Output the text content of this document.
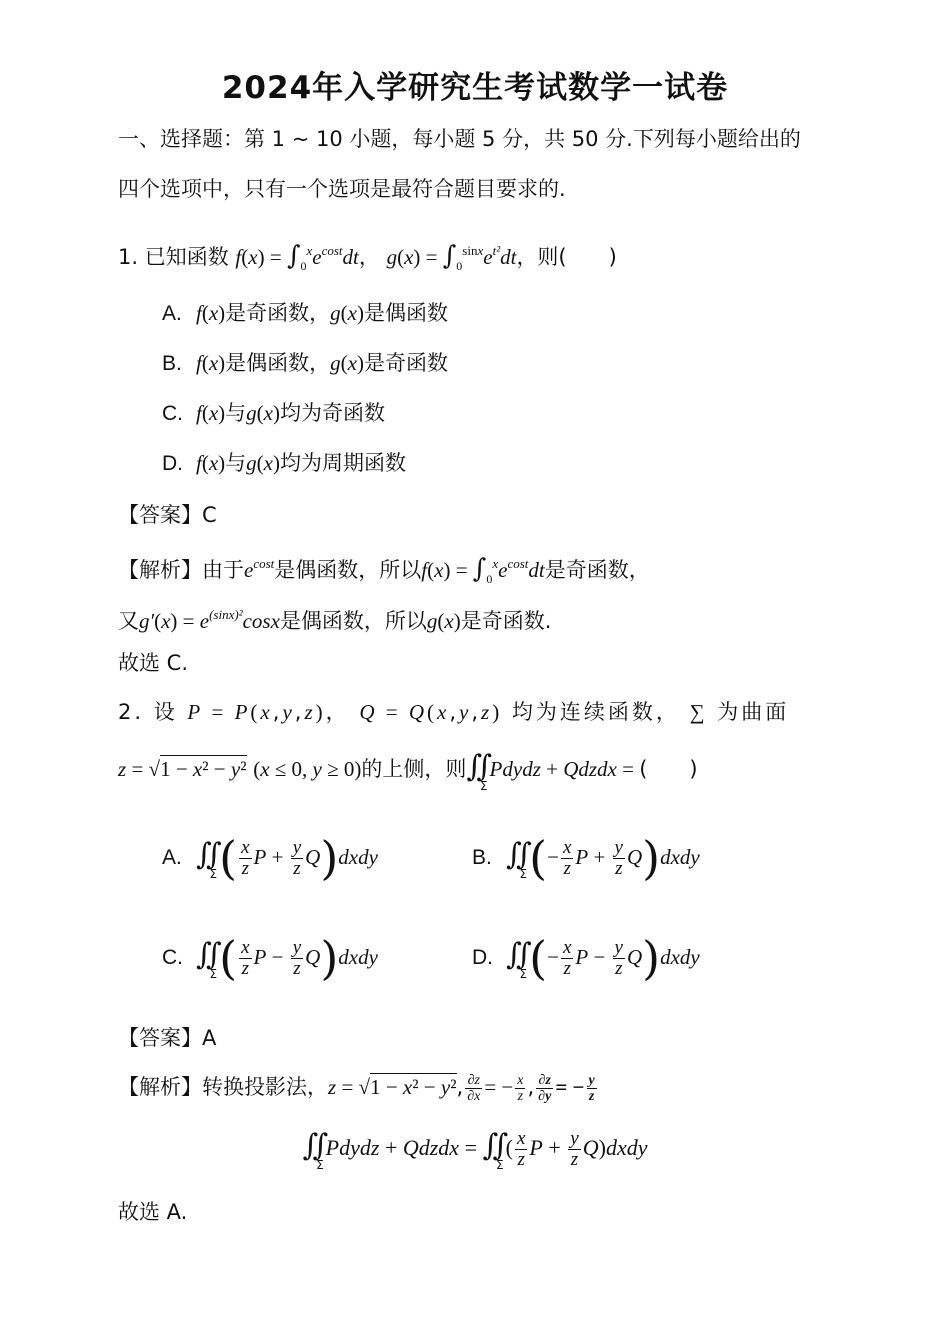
2024年入学研究生考试数学一试卷
一、选择题：第 1 ~ 10 小题，每小题 5 分，共 50 分.下列每小题给出的
四个选项中，只有一个选项是最符合题目要求的.
1. 已知函数 $f(x) = \int_0^xe^{cost}dt$， $g(x) = \int_0^{sinx}e^{t^2}dt$，则(　　)
A. f(x)是奇函数，g(x)是偶函数
B. f(x)是偶函数，g(x)是奇函数
C. f(x)与g(x)均为奇函数
D. f(x)与g(x)均为周期函数
【答案】C
【解析】由于$e^{cost}$是偶函数，所以$f(x) = \int_0^xe^{cost}dt$是奇函数，
又$g'(x) = e^{(sinx)^2}\cos x$是偶函数，所以g(x)是奇函数.
故选 C.
2. 设 P = P(x,y,z)， Q = Q(x,y,z) 均为连续函数， ∑ 为曲面
z = √1 − x² − y² (x ≤ 0, y ≥ 0)的上侧，则$∬_\Sigma Pdydz$ + Qdzdx = (　　)
A. $∬_\Sigma( \frac{x}{z}$ $P + \frac{y}{z}$ Q)dxdy	B. $∬_\Sigma(- \frac{x}{z}$ $P + \frac{y}{z}$ Q)dxdy
C. $∬_\Sigma( \frac{x}{z}$ $P - \frac{y}{z}$ Q)dxdy	D. $∬_\Sigma(- \frac{x}{z}$ $P - \frac{y}{z}$ Q)dxdy
【答案】A
【解析】转换投影法，z = √1 − x² − y², $\frac{\partial z}{\partial x}$ = − $\frac{x}{z}$ , $\frac{\partial z}{\partial y}$ = − $\frac{y}{z}$
$∬_\Sigma Pdydz$ + Qdzdx = $∬_\Sigma( \frac{x}{z}$ $P + \frac{y}{z}$ Q)dxdy
故选 A.
